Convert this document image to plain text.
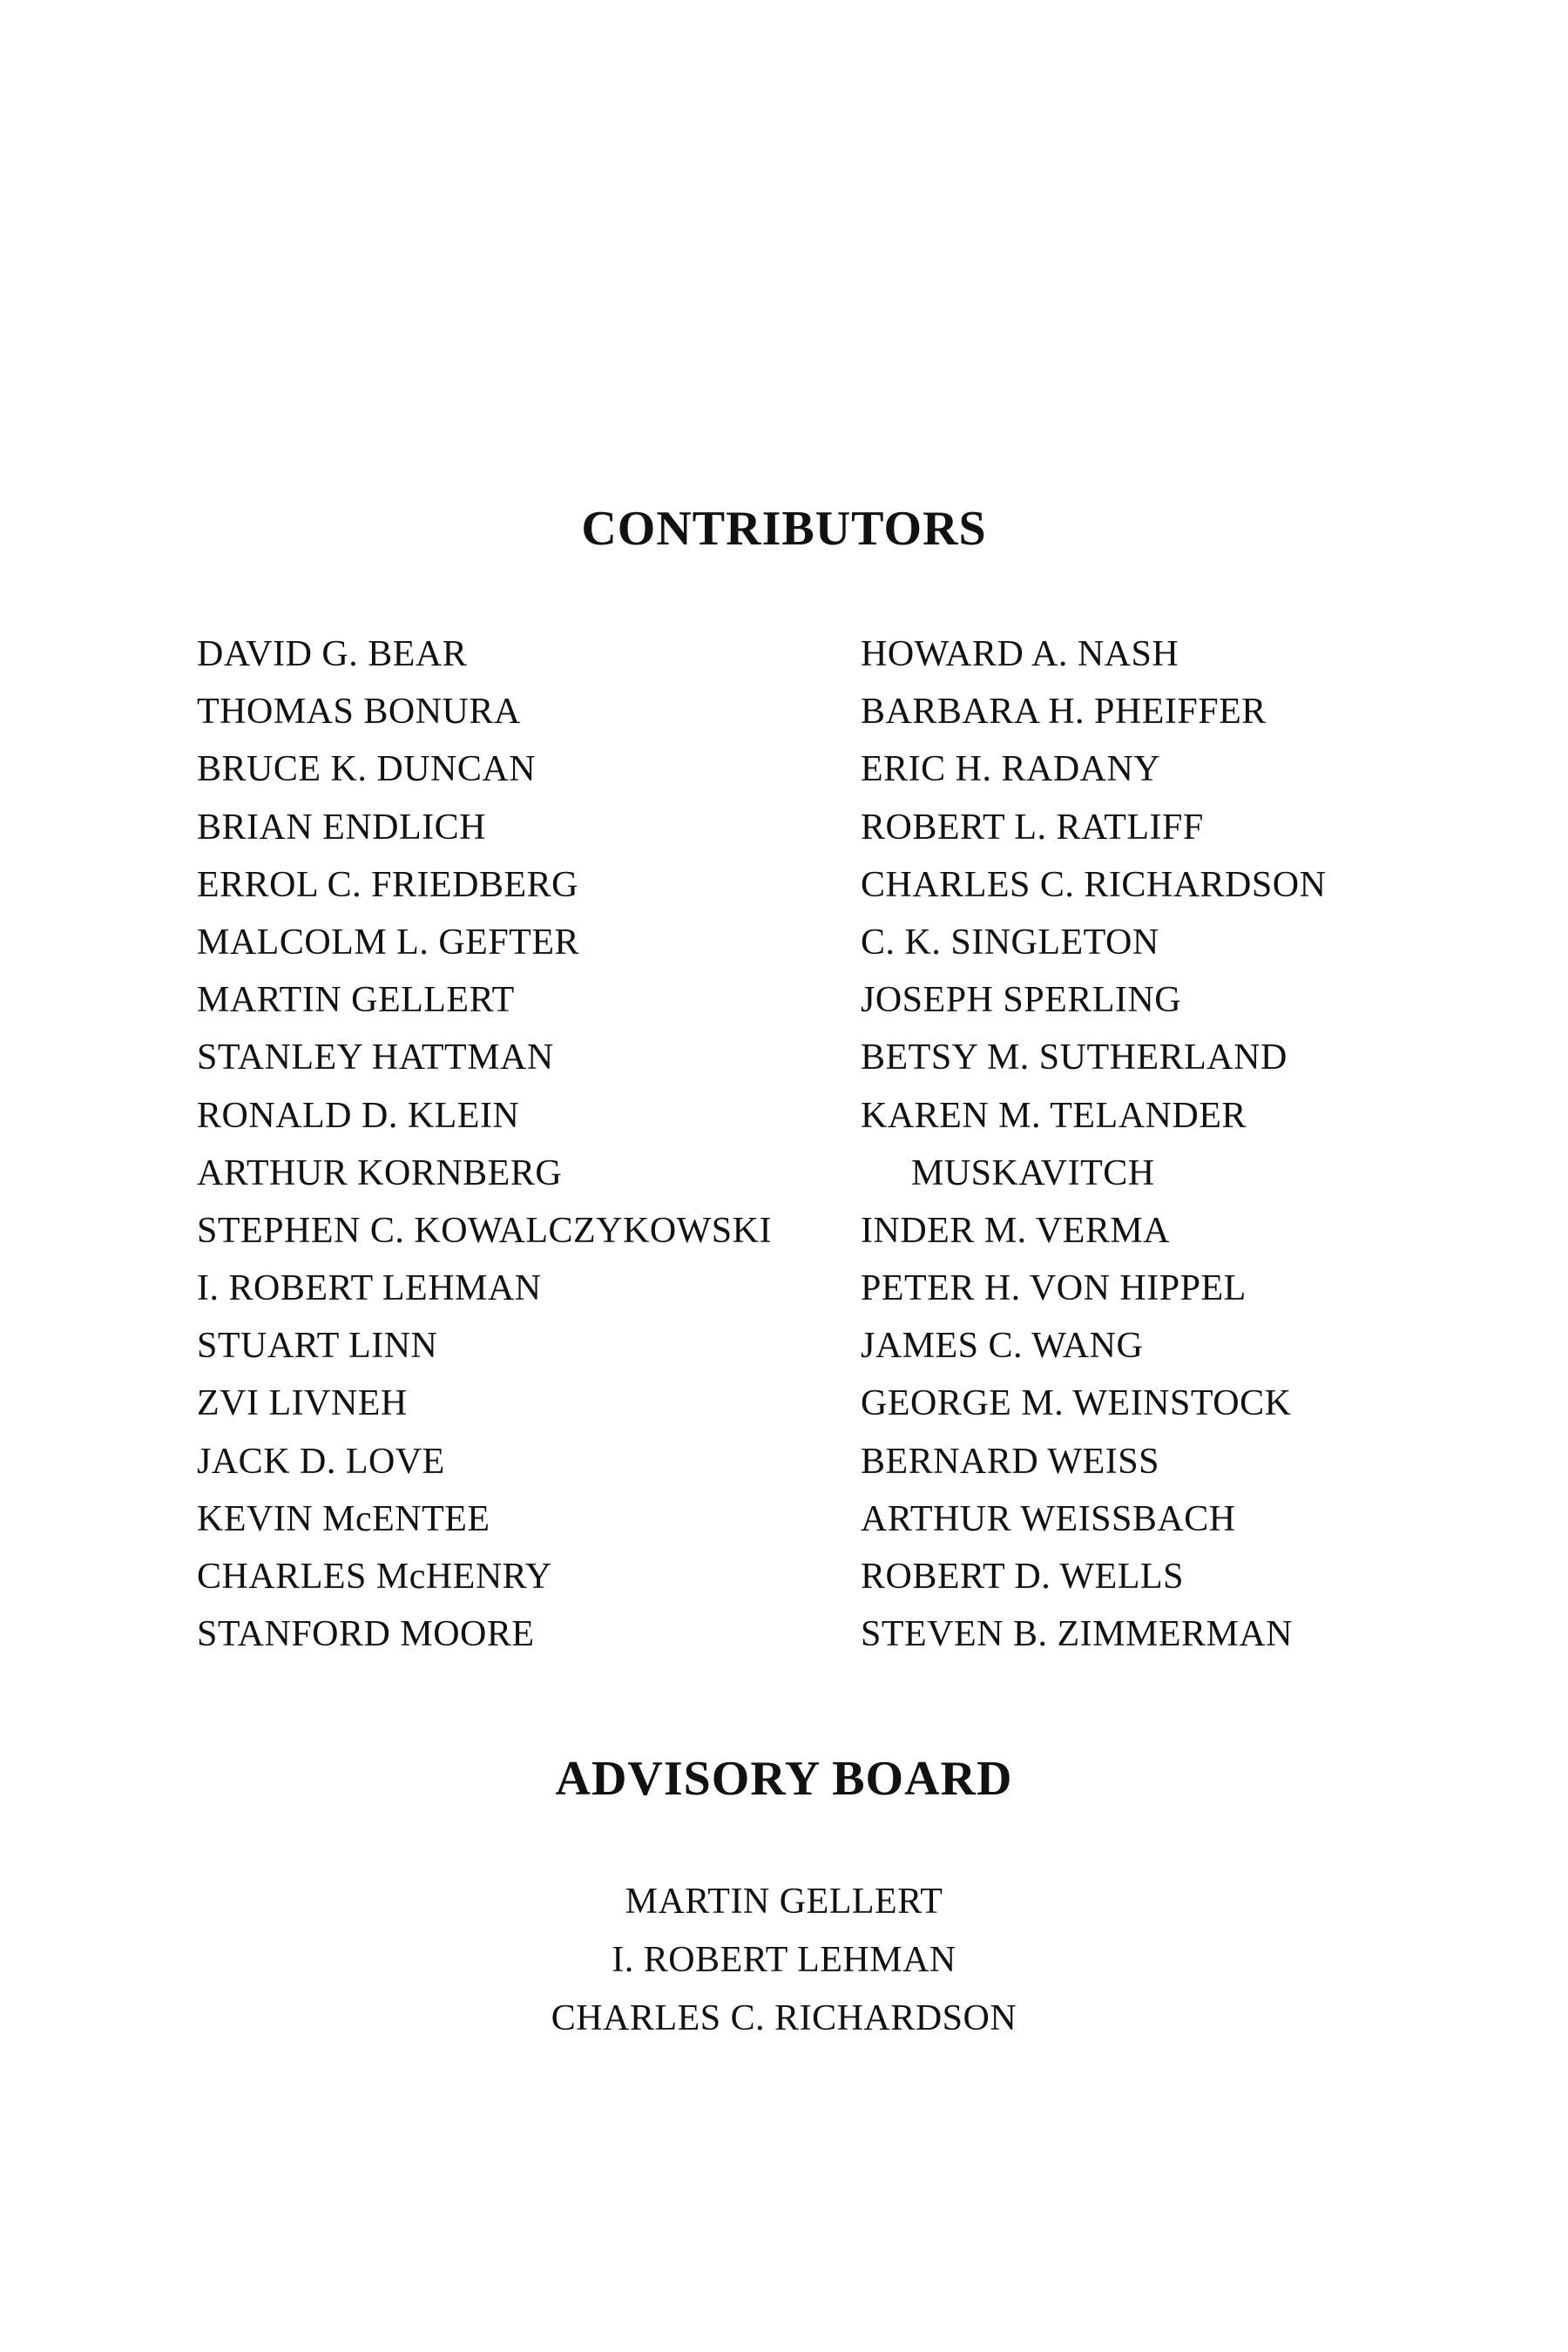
CONTRIBUTORS
DAVID G. BEAR
THOMAS BONURA
BRUCE K. DUNCAN
BRIAN ENDLICH
ERROL C. FRIEDBERG
MALCOLM L. GEFTER
MARTIN GELLERT
STANLEY HATTMAN
RONALD D. KLEIN
ARTHUR KORNBERG
STEPHEN C. KOWALCZYKOWSKI
I. ROBERT LEHMAN
STUART LINN
ZVI LIVNEH
JACK D. LOVE
KEVIN McENTEE
CHARLES McHENRY
STANFORD MOORE
HOWARD A. NASH
BARBARA H. PHEIFFER
ERIC H. RADANY
ROBERT L. RATLIFF
CHARLES C. RICHARDSON
C. K. SINGLETON
JOSEPH SPERLING
BETSY M. SUTHERLAND
KAREN M. TELANDER
MUSKAVITCH
INDER M. VERMA
PETER H. VON HIPPEL
JAMES C. WANG
GEORGE M. WEINSTOCK
BERNARD WEISS
ARTHUR WEISSBACH
ROBERT D. WELLS
STEVEN B. ZIMMERMAN
ADVISORY BOARD
MARTIN GELLERT
I. ROBERT LEHMAN
CHARLES C. RICHARDSON
